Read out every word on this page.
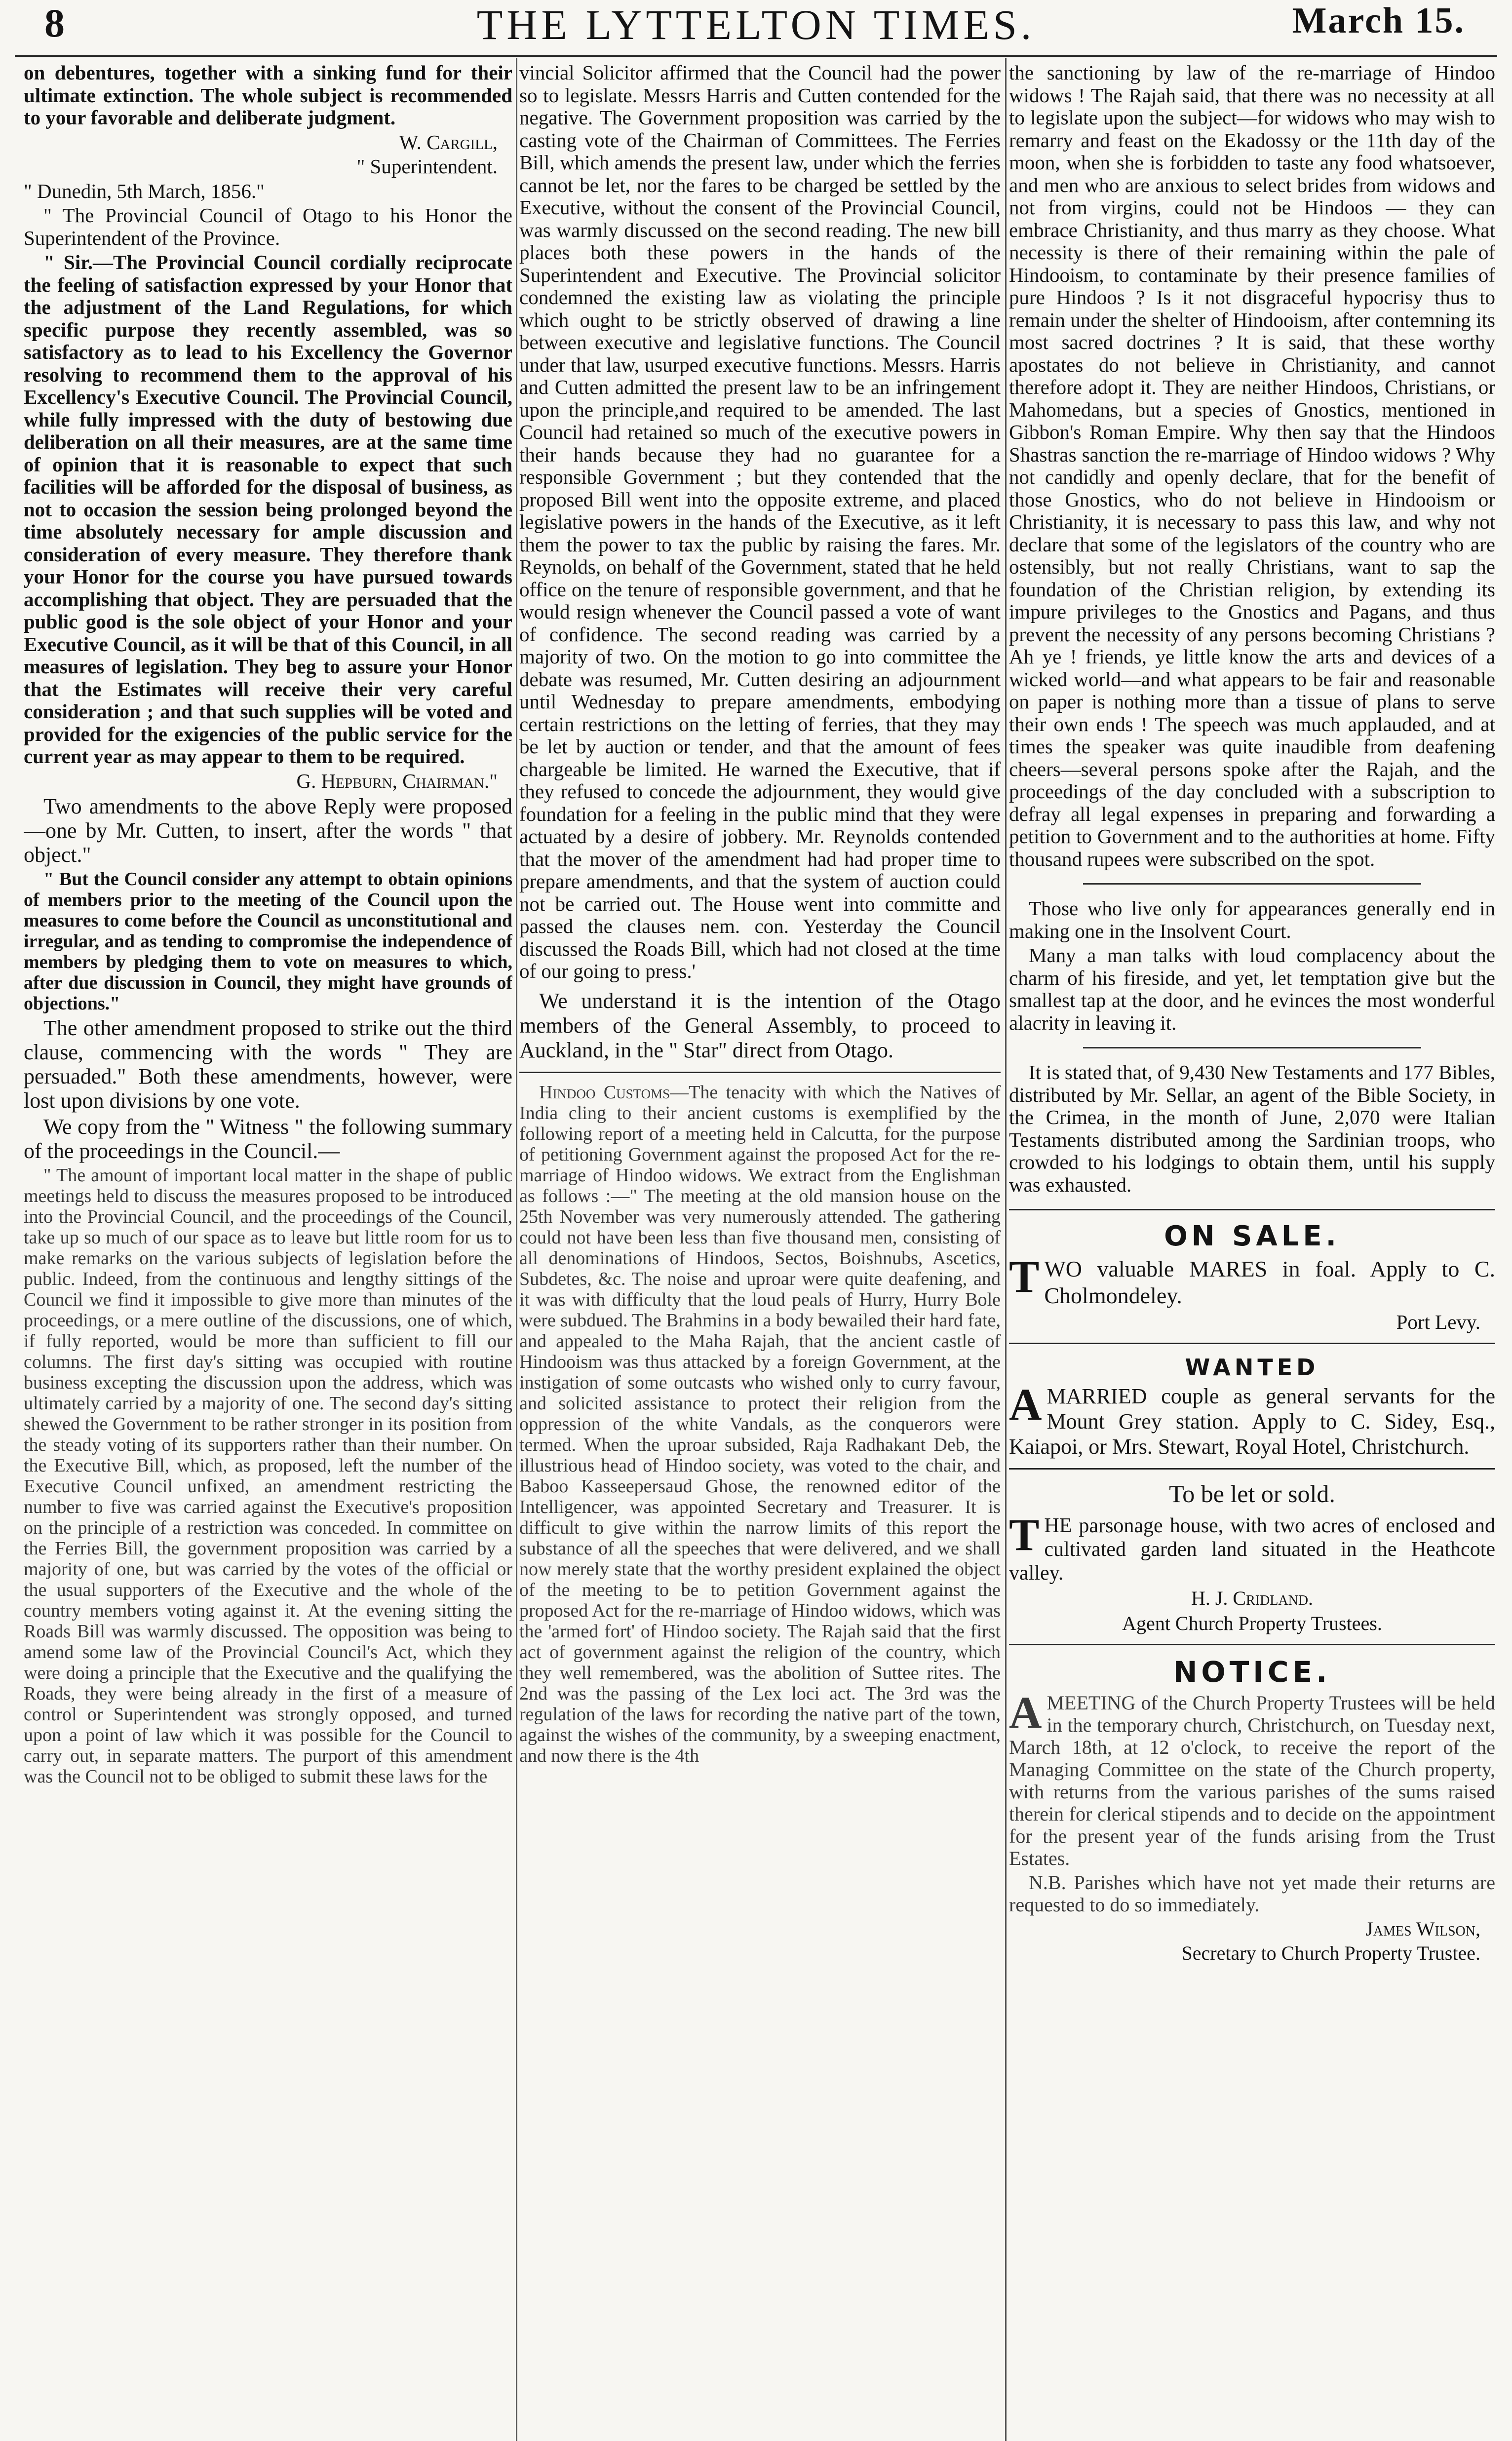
8	THE LYTTELTON TIMES.	March 15.

on debentures, together with a sinking fund for their ultimate extinction. The whole subject is recommended to your favorable and deliberate judgment.

W. Cargill,

" Superintendent.

" Dunedin, 5th March, 1856."

" The Provincial Council of Otago to his Honor the Superintendent of the Province.

" Sir.—The Provincial Council cordially reciprocate the feeling of satisfaction expressed by your Honor that the adjustment of the Land Regulations, for which specific purpose they recently assembled, was so satisfactory as to lead to his Excellency the Governor resolving to recommend them to the approval of his Excellency's Executive Council. The Provincial Council, while fully impressed with the duty of bestowing due deliberation on all their measures, are at the same time of opinion that it is reasonable to expect that such facilities will be afforded for the disposal of business, as not to occasion the session being prolonged beyond the time absolutely necessary for ample discussion and consideration of every measure. They therefore thank your Honor for the course you have pursued towards accomplishing that object. They are persuaded that the public good is the sole object of your Honor and your Executive Council, as it will be that of this Council, in all measures of legislation. They beg to assure your Honor that the Estimates will receive their very careful consideration ; and that such supplies will be voted and provided for the exigencies of the public service for the current year as may appear to them to be required.

G. Hepburn, Chairman."

Two amendments to the above Reply were proposed—one by Mr. Cutten, to insert, after the words " that object."

" But the Council consider any attempt to obtain opinions of members prior to the meeting of the Council upon the measures to come before the Council as unconstitutional and irregular, and as tending to compromise the independence of members by pledging them to vote on measures to which, after due discussion in Council, they might have grounds of objections."

The other amendment proposed to strike out the third clause, commencing with the words " They are persuaded." Both these amendments, however, were lost upon divisions by one vote.

We copy from the " Witness " the following summary of the proceedings in the Council.—

" The amount of important local matter in the shape of public meetings held to discuss the measures proposed to be introduced into the Provincial Council, and the proceedings of the Council, take up so much of our space as to leave but little room for us to make remarks on the various subjects of legislation before the public. Indeed, from the continuous and lengthy sittings of the Council we find it impossible to give more than minutes of the proceedings, or a mere outline of the discussions, one of which, if fully reported, would be more than sufficient to fill our columns. The first day's sitting was occupied with routine business excepting the discussion upon the address, which was ultimately carried by a majority of one. The second day's sitting shewed the Government to be rather stronger in its position from the steady voting of its supporters rather than their number. On the Executive Bill, which, as proposed, left the number of the Executive Council unfixed, an amendment restricting the number to five was carried against the Executive's proposition on the principle of a restriction was conceded. In committee on the Ferries Bill, the government proposition was carried by a majority of one, but was carried by the votes of the official or the usual supporters of the Executive and the whole of the country members voting against it. At the evening sitting the Roads Bill was warmly discussed. The opposition was being to amend some law of the Provincial Council's Act, which they were doing a principle that the Executive and the qualifying the Roads, they were being already in the first of a measure of control or Superintendent was strongly opposed, and turned upon a point of law which it was possible for the Council to carry out, in separate matters. The purport of this amendment was the Council not to be obliged to submit these laws for the

vincial Solicitor affirmed that the Council had the power so to legislate. Messrs Harris and Cutten contended for the negative. The Government proposition was carried by the casting vote of the Chairman of Committees. The Ferries Bill, which amends the present law, under which the ferries cannot be let, nor the fares to be charged be settled by the Executive, without the consent of the Provincial Council, was warmly discussed on the second reading. The new bill places both these powers in the hands of the Superintendent and Executive. The Provincial solicitor condemned the existing law as violating the principle which ought to be strictly observed of drawing a line between executive and legislative functions. The Council under that law, usurped executive functions. Messrs. Harris and Cutten admitted the present law to be an infringement upon the principle,and required to be amended. The last Council had retained so much of the executive powers in their hands because they had no guarantee for a responsible Government ; but they contended that the proposed Bill went into the opposite extreme, and placed legislative powers in the hands of the Executive, as it left them the power to tax the public by raising the fares. Mr. Reynolds, on behalf of the Government, stated that he held office on the tenure of responsible government, and that he would resign whenever the Council passed a vote of want of confidence. The second reading was carried by a majority of two. On the motion to go into committee the debate was resumed, Mr. Cutten desiring an adjournment until Wednesday to prepare amendments, embodying certain restrictions on the letting of ferries, that they may be let by auction or tender, and that the amount of fees chargeable be limited. He warned the Executive, that if they refused to concede the adjournment, they would give foundation for a feeling in the public mind that they were actuated by a desire of jobbery. Mr. Reynolds contended that the mover of the amendment had had proper time to prepare amendments, and that the system of auction could not be carried out. The House went into committe and passed the clauses nem. con. Yesterday the Council discussed the Roads Bill, which had not closed at the time of our going to press.'

We understand it is the intention of the Otago members of the General Assembly, to proceed to Auckland, in the " Star" direct from Otago.

Hindoo Customs—The tenacity with which the Natives of India cling to their ancient customs is exemplified by the following report of a meeting held in Calcutta, for the purpose of petitioning Government against the proposed Act for the re-marriage of Hindoo widows. We extract from the Englishman as follows :—" The meeting at the old mansion house on the 25th November was very numerously attended. The gathering could not have been less than five thousand men, consisting of all denominations of Hindoos, Sectos, Boishnubs, Ascetics, Subdetes, &c. The noise and uproar were quite deafening, and it was with difficulty that the loud peals of Hurry, Hurry Bole were subdued. The Brahmins in a body bewailed their hard fate, and appealed to the Maha Rajah, that the ancient castle of Hindooism was thus attacked by a foreign Government, at the instigation of some outcasts who wished only to curry favour, and solicited assistance to protect their religion from the oppression of the white Vandals, as the conquerors were termed. When the uproar subsided, Raja Radhakant Deb, the illustrious head of Hindoo society, was voted to the chair, and Baboo Kasseepersaud Ghose, the renowned editor of the Intelligencer, was appointed Secretary and Treasurer. It is difficult to give within the narrow limits of this report the substance of all the speeches that were delivered, and we shall now merely state that the worthy president explained the object of the meeting to be to petition Government against the proposed Act for the re-marriage of Hindoo widows, which was the 'armed fort' of Hindoo society. The Rajah said that the first act of government against the religion of the country, which they well remembered, was the abolition of Suttee rites. The 2nd was the passing of the Lex loci act. The 3rd was the regulation of the laws for recording the native part of the town, against the wishes of the community, by a sweeping enactment, and now there is the 4th

the sanctioning by law of the re-marriage of Hindoo widows ! The Rajah said, that there was no necessity at all to legislate upon the subject—for widows who may wish to remarry and feast on the Ekadossy or the 11th day of the moon, when she is forbidden to taste any food whatsoever, and men who are anxious to select brides from widows and not from virgins, could not be Hindoos — they can embrace Christianity, and thus marry as they choose. What necessity is there of their remaining within the pale of Hindooism, to contaminate by their presence families of pure Hindoos ? Is it not disgraceful hypocrisy thus to remain under the shelter of Hindooism, after contemning its most sacred doctrines ? It is said, that these worthy apostates do not believe in Christianity, and cannot therefore adopt it. They are neither Hindoos, Christians, or Mahomedans, but a species of Gnostics, mentioned in Gibbon's Roman Empire. Why then say that the Hindoos Shastras sanction the re-marriage of Hindoo widows ? Why not candidly and openly declare, that for the benefit of those Gnostics, who do not believe in Hindooism or Christianity, it is necessary to pass this law, and why not declare that some of the legislators of the country who are ostensibly, but not really Christians, want to sap the foundation of the Christian religion, by extending its impure privileges to the Gnostics and Pagans, and thus prevent the necessity of any persons becoming Christians ? Ah ye ! friends, ye little know the arts and devices of a wicked world—and what appears to be fair and reasonable on paper is nothing more than a tissue of plans to serve their own ends ! The speech was much applauded, and at times the speaker was quite inaudible from deafening cheers—several persons spoke after the Rajah, and the proceedings of the day concluded with a subscription to defray all legal expenses in preparing and forwarding a petition to Government and to the authorities at home. Fifty thousand rupees were subscribed on the spot.

Those who live only for appearances generally end in making one in the Insolvent Court.

Many a man talks with loud complacency about the charm of his fireside, and yet, let temptation give but the smallest tap at the door, and he evinces the most wonderful alacrity in leaving it.

It is stated that, of 9,430 New Testaments and 177 Bibles, distributed by Mr. Sellar, an agent of the Bible Society, in the Crimea, in the month of June, 2,070 were Italian Testaments distributed among the Sardinian troops, who crowded to his lodgings to obtain them, until his supply was exhausted.

ON SALE.

TWO valuable MARES in foal. Apply to C. Cholmondeley.

Port Levy.

WANTED

AMARRIED couple as general servants for the Mount Grey station. Apply to C. Sidey, Esq., Kaiapoi, or Mrs. Stewart, Royal Hotel, Christchurch.

To be let or sold.

THE parsonage house, with two acres of enclosed and cultivated garden land situated in the Heathcote valley.

H. J. Cridland.

Agent Church Property Trustees.

NOTICE.

AMEETING of the Church Property Trustees will be held in the temporary church, Christchurch, on Tuesday next, March 18th, at 12 o'clock, to receive the report of the Managing Committee on the state of the Church property, with returns from the various parishes of the sums raised therein for clerical stipends and to decide on the appointment for the present year of the funds arising from the Trust Estates.

N.B. Parishes which have not yet made their returns are requested to do so immediately.

James Wilson,

Secretary to Church Property Trustee.
